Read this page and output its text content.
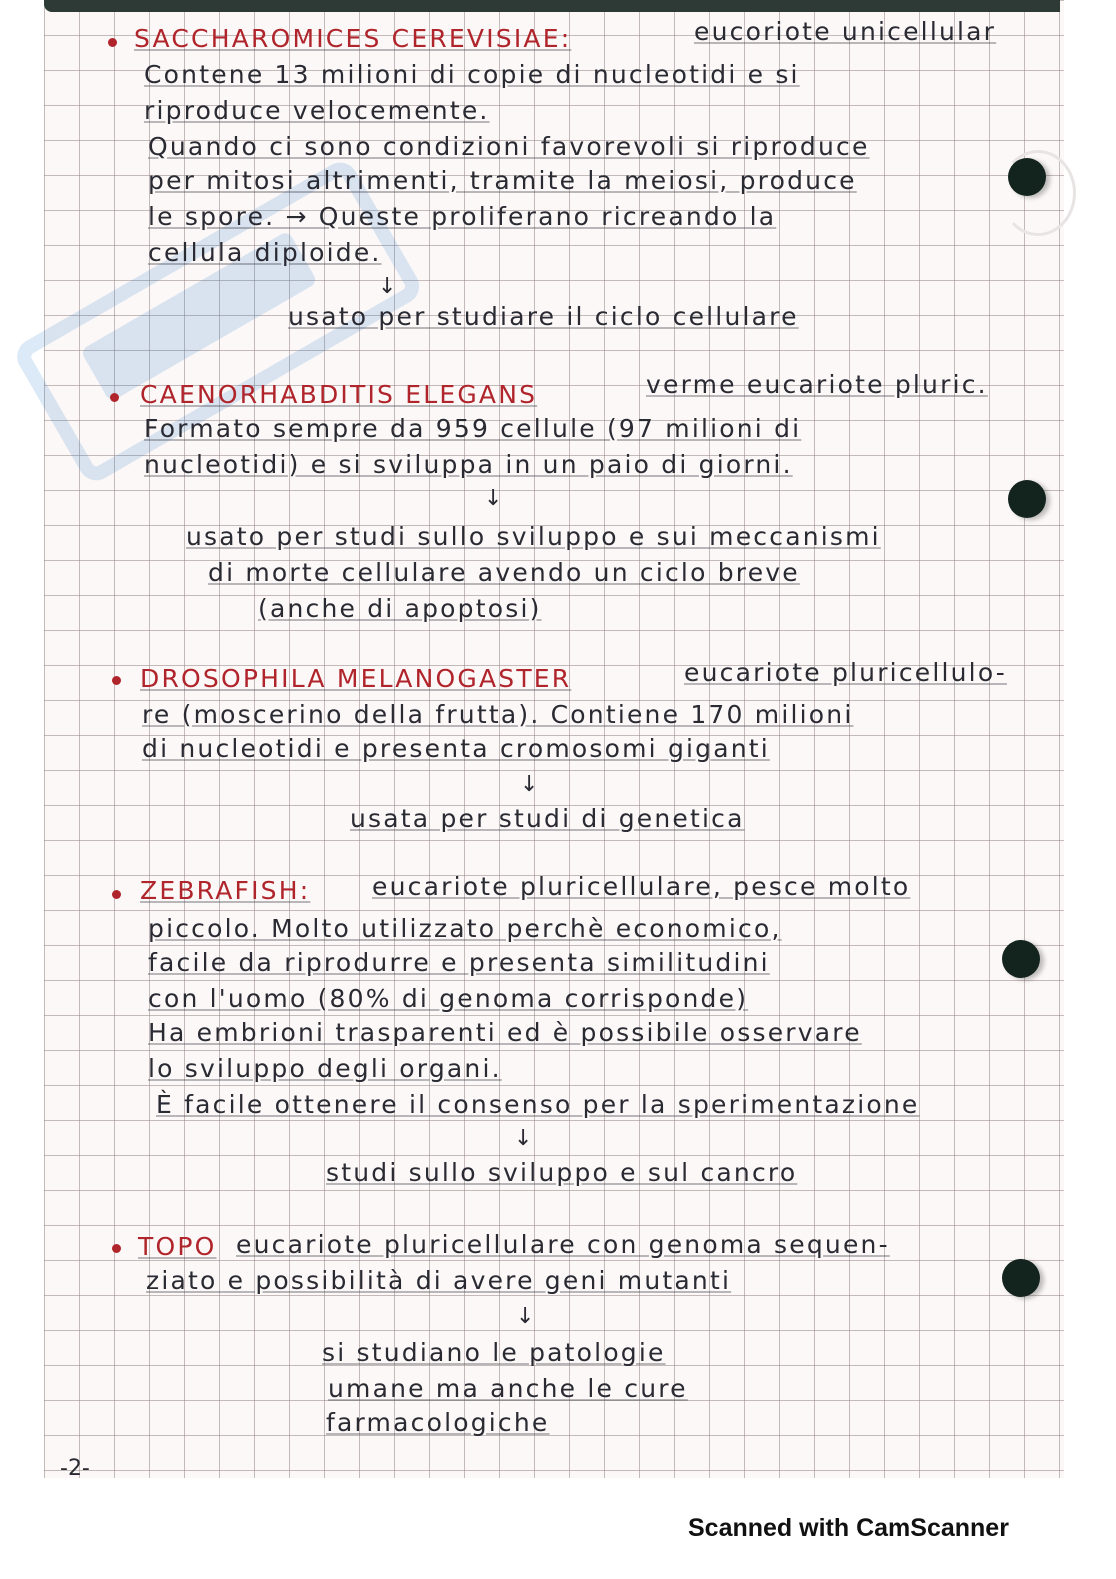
SACCHAROMICES CEREVISIAE:	eucoriote unicellular
Contene 13 milioni di copie di nucleotidi e si
riproduce velocemente.
Quando ci sono condizioni favorevoli si riproduce
per mitosi altrimenti, tramite la meiosi, produce
le spore. → Queste proliferano ricreando la
cellula diploide.
↓
usato per studiare il ciclo cellulare
CAENORHABDITIS ELEGANS	verme eucariote pluric.
Formato sempre da 959 cellule (97 milioni di
nucleotidi) e si sviluppa in un paio di giorni.
↓
usato per studi sullo sviluppo e sui meccanismi
di morte cellulare avendo un ciclo breve
(anche di apoptosi)
DROSOPHILA MELANOGASTER	eucariote pluricellulo-
re (moscerino della frutta). Contiene 170 milioni
di nucleotidi e presenta cromosomi giganti
↓
usata per studi di genetica
ZEBRAFISH: eucariote pluricellulare, pesce molto
piccolo. Molto utilizzato perchè economico,
facile da riprodurre e presenta similitudini
con l'uomo (80% di genoma corrisponde)
Ha embrioni trasparenti ed è possibile osservare
lo sviluppo degli organi.
È facile ottenere il consenso per la sperimentazione
↓
studi sullo sviluppo e sul cancro
TOPO eucariote pluricellulare con genoma sequen-
ziato e possibilità di avere geni mutanti
↓
si studiano le patologie
umane ma anche le cure
farmacologiche
-2-
Scanned with CamScanner
